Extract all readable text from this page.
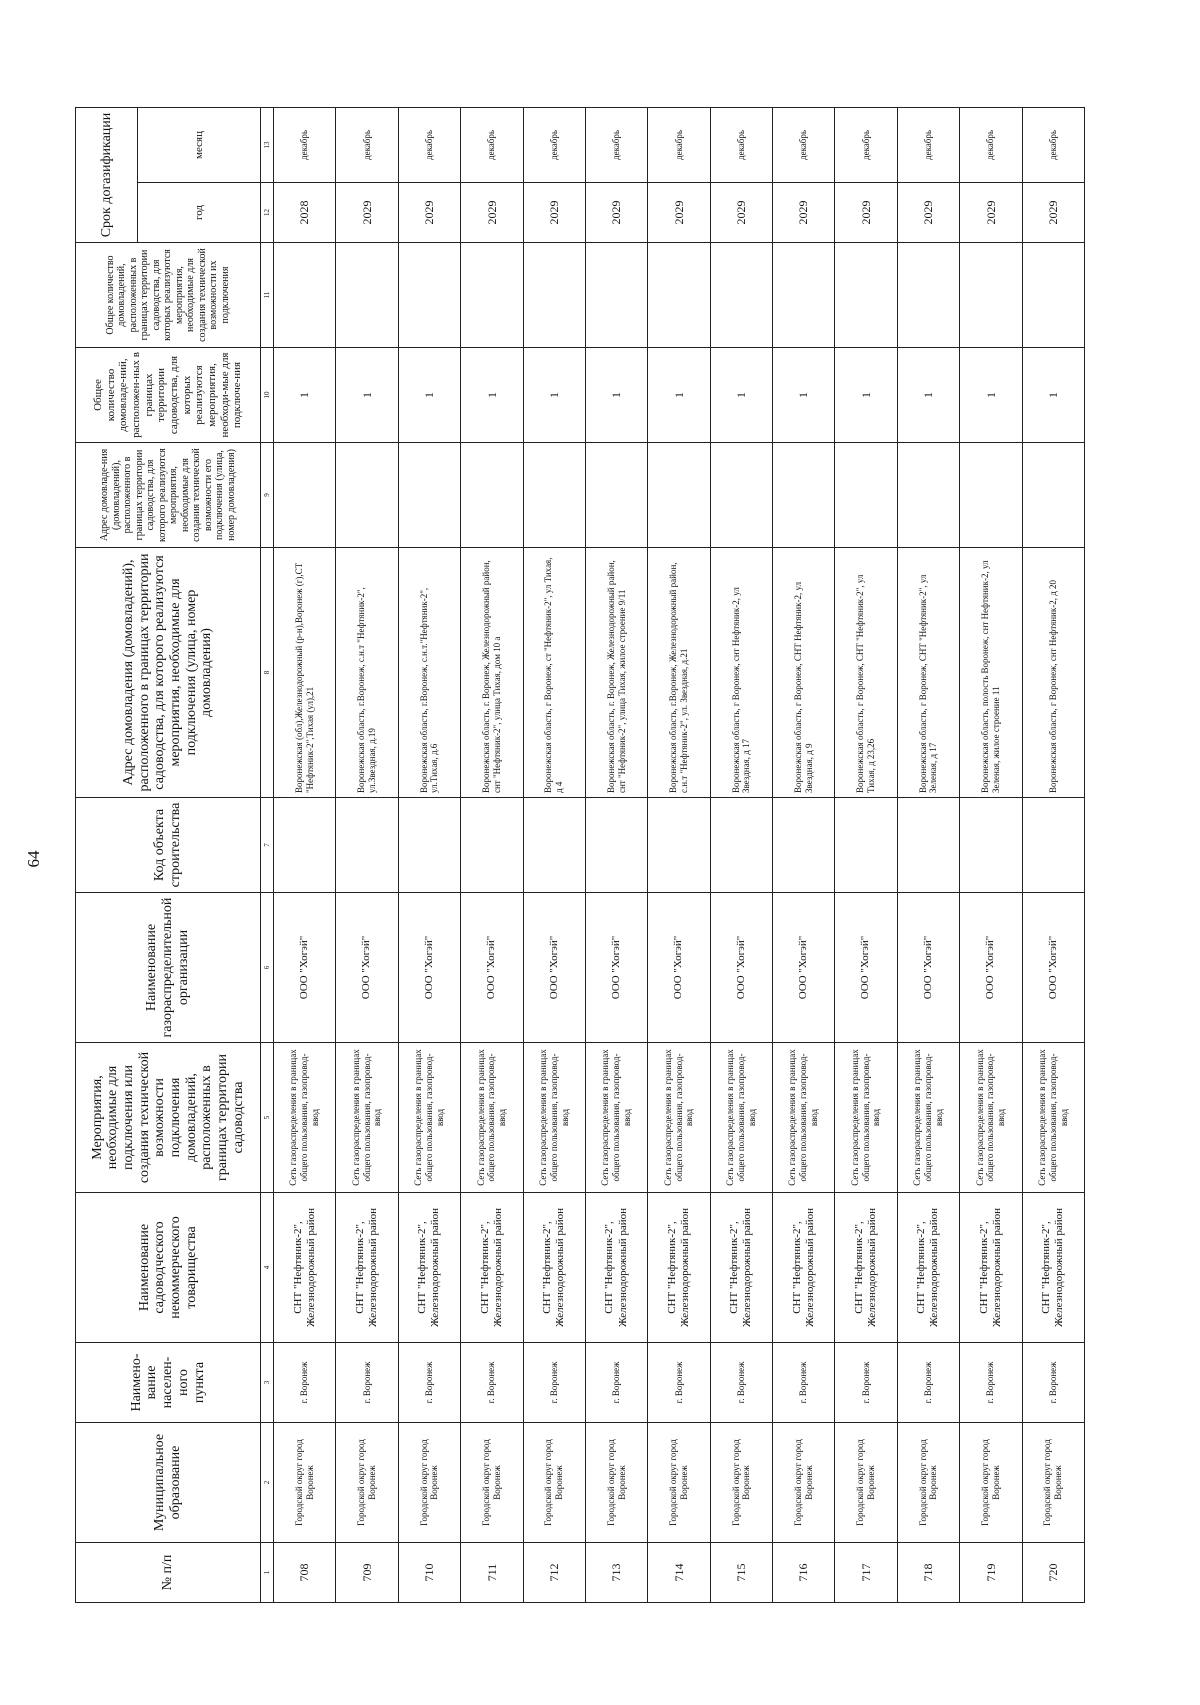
64
№ п/п	Муниципальное образование	Наимено-вание населен-ного пункта	Наименование садоводческого некоммерческого товарищества	Мероприятия, необходимые для подключения или создания технической возможности подключения домовладений, расположенных в границах территории садоводства	Наименование газораспределительной организации	Код объекта строительства	Адрес домовладения (домовладений), расположенного в границах территории садоводства, для которого реализуются мероприятия, необходимые для подключения (улица, номер домовладения)	Адрес домовладе-ния (домовладений), расположенного в границах территории садоводства, для которого реализуются мероприятия, необходимые для создания технической возможности его подключения (улица, номер домовладения)	Общее количество домовладе-ний, расположен-ных в границах территории садоводства, для которых реализуются мероприятия, необходи-мые для подключе-ния	Общее количество домовладений, расположенных в границах территории садоводства, для которых реализуются мероприятия, необходимые для создания технической возможности их подключения	Срок догазификации	
											год	месяц
1	2	3	4	5	6	7	8	9	10	11	12	13
708	Городской округ город Воронеж	г. Воронеж	СНТ "Нефтяник-2", Железнодорожный район	Сеть газораспределения в границах общего пользования, газопровод-ввод	ООО "Хогэй"		Воронежская (обл),Железнодорожный (р-н),Воронеж (г),СТ "Нефтяник-2",Тихая (ул),21		1		2028	декабрь
709	Городской округ город Воронеж	г. Воронеж	СНТ "Нефтяник-2", Железнодорожный район	Сеть газораспределения в границах общего пользования, газопровод-ввод	ООО "Хогэй"		Воронежская область, г.Воронеж, с.н.т "Нефтяник-2", ул.Звездная, д.19		1		2029	декабрь
710	Городской округ город Воронеж	г. Воронеж	СНТ "Нефтяник-2", Железнодорожный район	Сеть газораспределения в границах общего пользования, газопровод-ввод	ООО "Хогэй"		Воронежская область, г.Воронеж, с.н.т."Нефтяник-2", ул.Тихая, д.6		1		2029	декабрь
711	Городской округ город Воронеж	г. Воронеж	СНТ "Нефтяник-2", Железнодорожный район	Сеть газораспределения в границах общего пользования, газопровод-ввод	ООО "Хогэй"		Воронежская область, г. Воронеж, Железнодорожный район, снт "Нефтяник-2", улица Тихая, дом 10 а		1		2029	декабрь
712	Городской округ город Воронеж	г. Воронеж	СНТ "Нефтяник-2", Железнодорожный район	Сеть газораспределения в границах общего пользования, газопровод-ввод	ООО "Хогэй"		Воронежская область, г Воронеж, ст "Нефтяник-2", ул Тихая, д 4		1		2029	декабрь
713	Городской округ город Воронеж	г. Воронеж	СНТ "Нефтяник-2", Железнодорожный район	Сеть газораспределения в границах общего пользования, газопровод-ввод	ООО "Хогэй"		Воронежская область, г. Воронеж, Железнодорожный район, снт "Нефтяник-2", улица Тихая, жилое строение 9/11		1		2029	декабрь
714	Городской округ город Воронеж	г. Воронеж	СНТ "Нефтяник-2", Железнодорожный район	Сеть газораспределения в границах общего пользования, газопровод-ввод	ООО "Хогэй"		Воронежская область, г.Воронеж, Железнодорожный район, с.н.т "Нефтяник-2", ул. Звездная, д.21		1		2029	декабрь
715	Городской округ город Воронеж	г. Воронеж	СНТ "Нефтяник-2", Железнодорожный район	Сеть газораспределения в границах общего пользования, газопровод-ввод	ООО "Хогэй"		Воронежская область, г Воронеж, снт Нефтяник-2, ул Звездная, д 17		1		2029	декабрь
716	Городской округ город Воронеж	г. Воронеж	СНТ "Нефтяник-2", Железнодорожный район	Сеть газораспределения в границах общего пользования, газопровод-ввод	ООО "Хогэй"		Воронежская область, г Воронеж, СНТ Нефтяник-2, ул Звездная, д 9		1		2029	декабрь
717	Городской округ город Воронеж	г. Воронеж	СНТ "Нефтяник-2", Железнодорожный район	Сеть газораспределения в границах общего пользования, газопровод-ввод	ООО "Хогэй"		Воронежская область, г Воронеж, СНТ "Нефтяник-2", ул Тихая, д 23,26		1		2029	декабрь
718	Городской округ город Воронеж	г. Воронеж	СНТ "Нефтяник-2", Железнодорожный район	Сеть газораспределения в границах общего пользования, газопровод-ввод	ООО "Хогэй"		Воронежская область, г Воронеж, СНТ "Нефтяник-2", ул Зеленая, д 17		1		2029	декабрь
719	Городской округ город Воронеж	г. Воронеж	СНТ "Нефтяник-2", Железнодорожный район	Сеть газораспределения в границах общего пользования, газопровод-ввод	ООО "Хогэй"		Воронежская область, полость Воронеж, снт Нефтяник-2, ул Зеленая, жилое строение 11		1		2029	декабрь
720	Городской округ город Воронеж	г. Воронеж	СНТ "Нефтяник-2", Железнодорожный район	Сеть газораспределения в границах общего пользования, газопровод-ввод	ООО "Хогэй"		Воронежская область, г Воронеж, снт Нефтяник-2, д 20		1		2029	декабрь
